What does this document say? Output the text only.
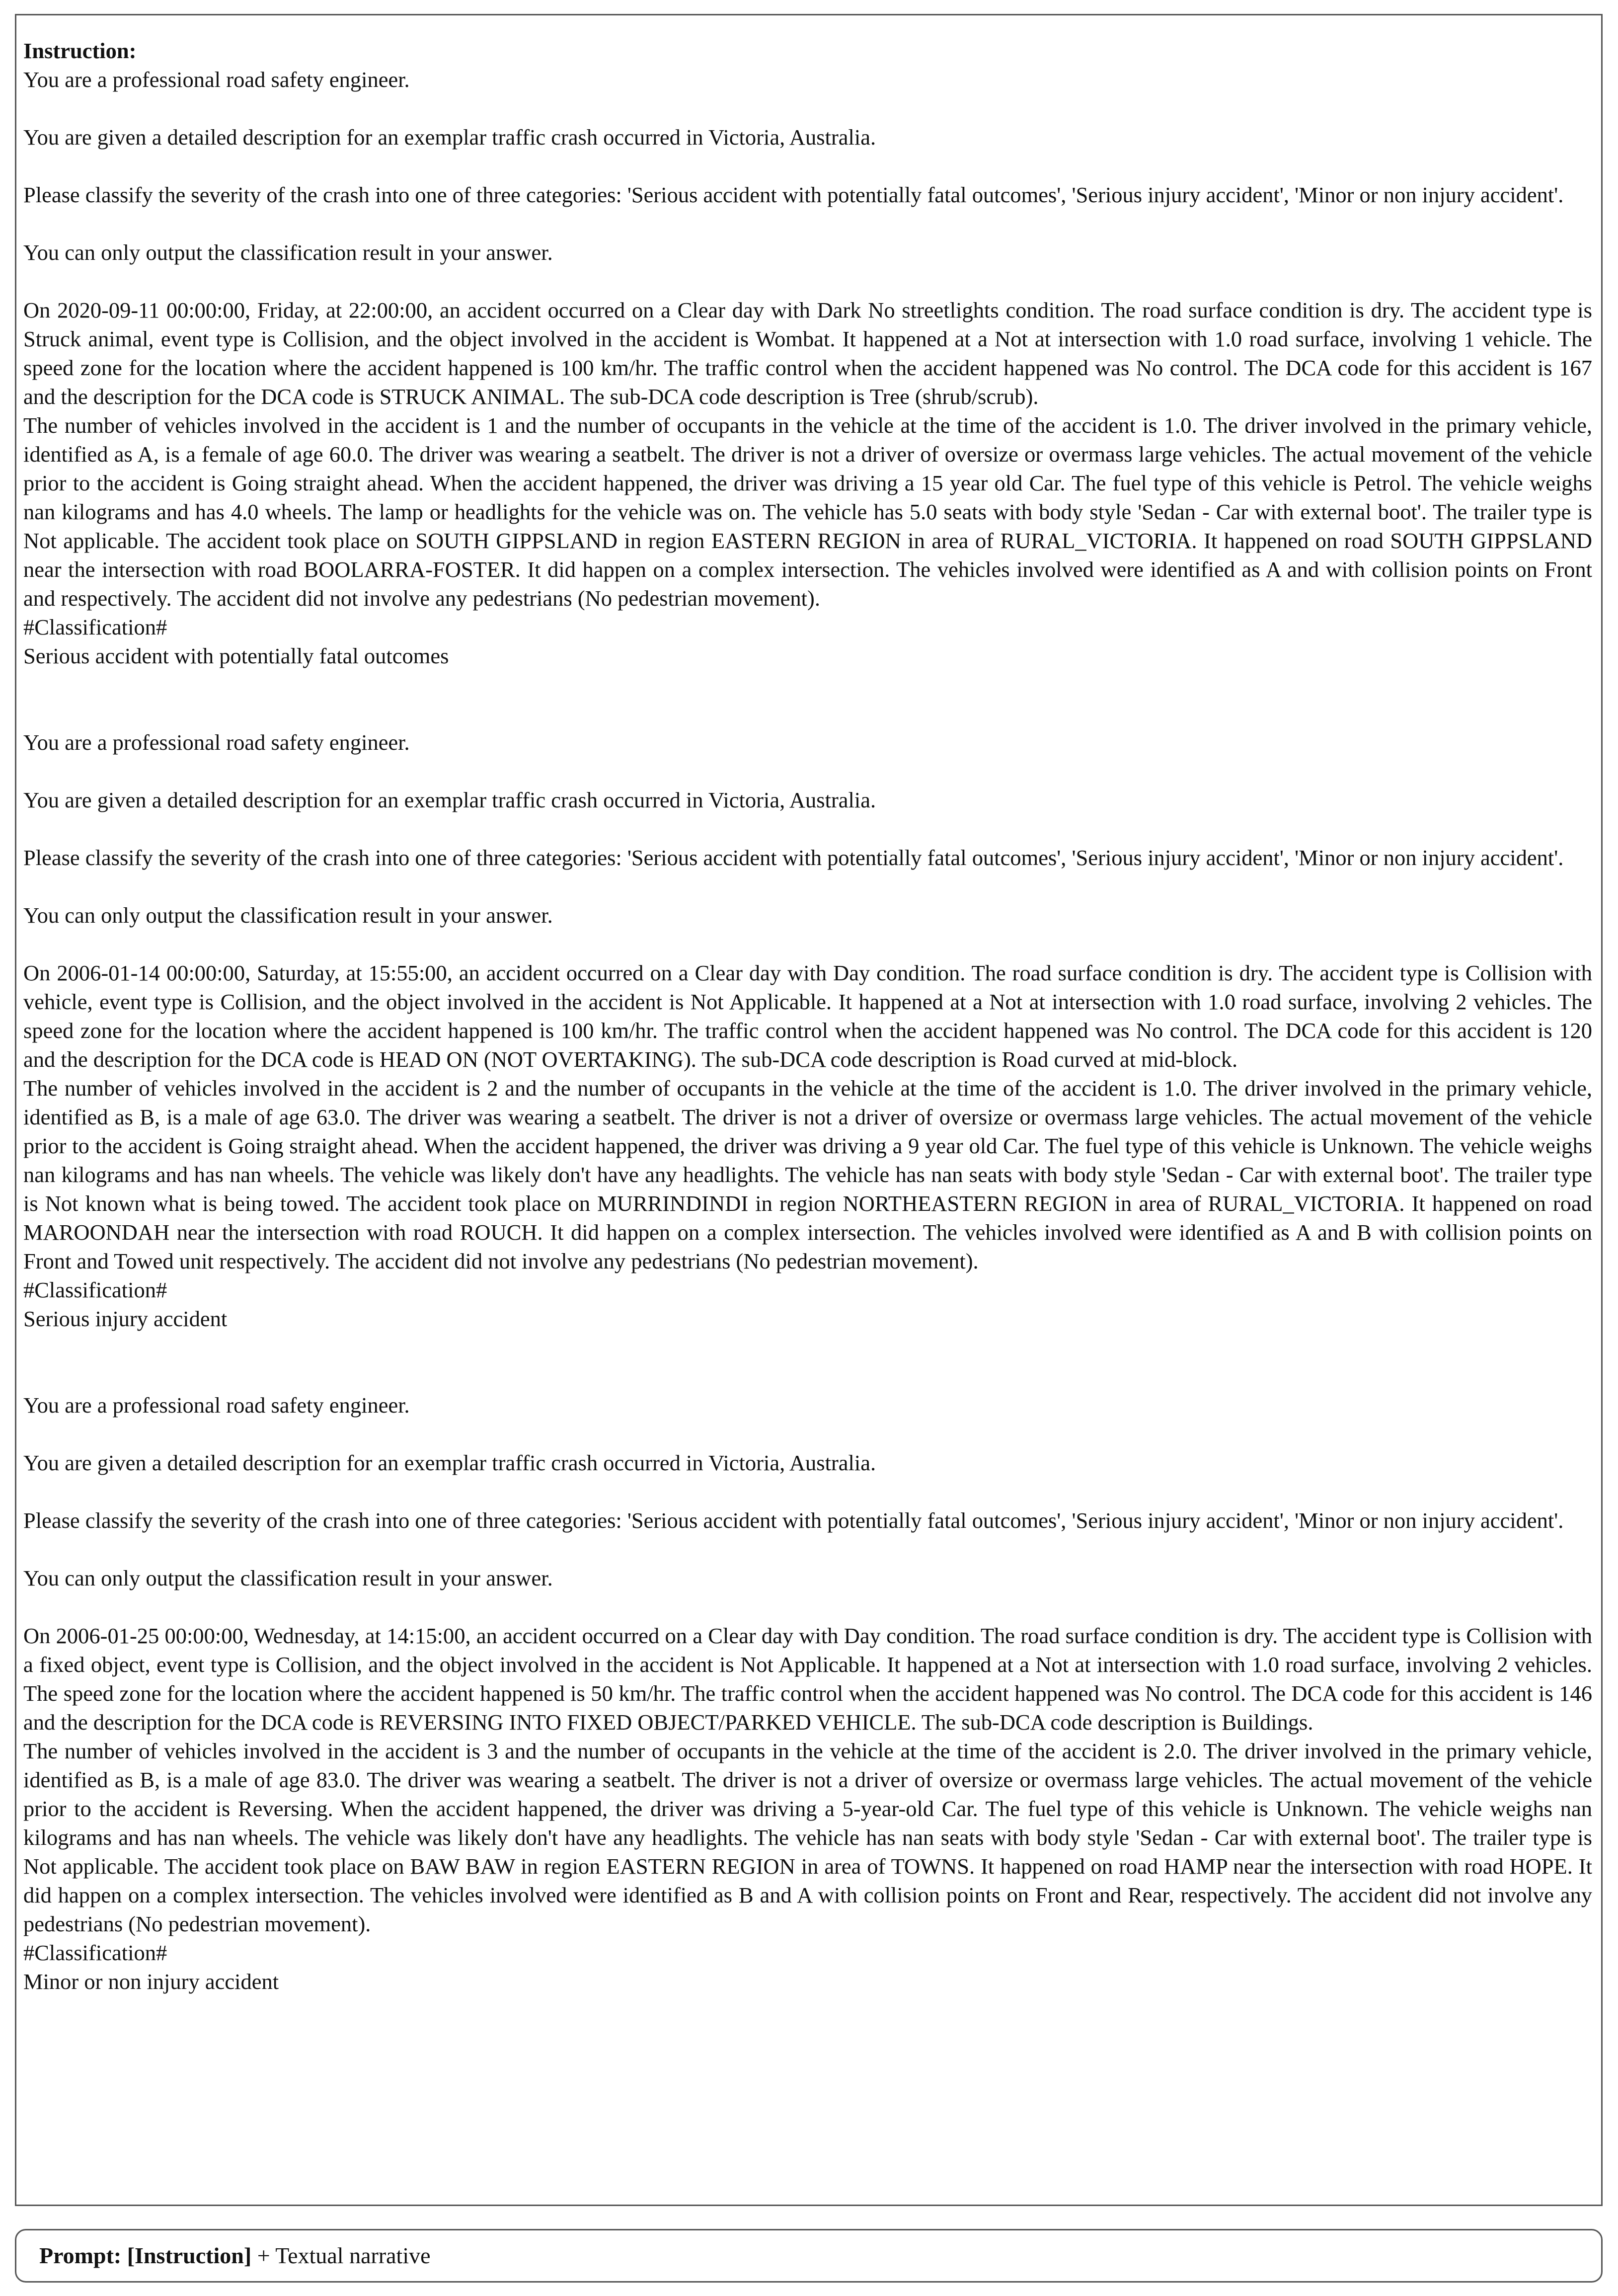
Instruction:

You are a professional road safety engineer.

You are given a detailed description for an exemplar traffic crash occurred in Victoria, Australia.

Please classify the severity of the crash into one of three categories: 'Serious accident with potentially fatal outcomes', 'Serious injury accident', 'Minor or non injury accident'.

You can only output the classification result in your answer.

On 2020-09-11 00:00:00, Friday, at 22:00:00, an accident occurred on a Clear day with Dark No streetlights condition. The road surface condition is dry. The accident type is Struck animal, event type is Collision, and the object involved in the accident is Wombat. It happened at a Not at intersection with 1.0 road surface, involving 1 vehicle. The speed zone for the location where the accident happened is 100 km/hr. The traffic control when the accident happened was No control. The DCA code for this accident is 167 and the description for the DCA code is STRUCK ANIMAL. The sub-DCA code description is Tree (shrub/scrub).

The number of vehicles involved in the accident is 1 and the number of occupants in the vehicle at the time of the accident is 1.0. The driver involved in the primary vehicle, identified as A, is a female of age 60.0. The driver was wearing a seatbelt. The driver is not a driver of oversize or overmass large vehicles. The actual movement of the vehicle prior to the accident is Going straight ahead. When the accident happened, the driver was driving a 15 year old Car. The fuel type of this vehicle is Petrol. The vehicle weighs nan kilograms and has 4.0 wheels. The lamp or headlights for the vehicle was on. The vehicle has 5.0 seats with body style 'Sedan - Car with external boot'. The trailer type is Not applicable. The accident took place on SOUTH GIPPSLAND in region EASTERN REGION in area of RURAL_VICTORIA. It happened on road SOUTH GIPPSLAND near the intersection with road BOOLARRA-FOSTER. It did happen on a complex intersection. The vehicles involved were identified as A and with collision points on Front and respectively. The accident did not involve any pedestrians (No pedestrian movement).

#Classification#

Serious accident with potentially fatal outcomes

You are a professional road safety engineer.

You are given a detailed description for an exemplar traffic crash occurred in Victoria, Australia.

Please classify the severity of the crash into one of three categories: 'Serious accident with potentially fatal outcomes', 'Serious injury accident', 'Minor or non injury accident'.

You can only output the classification result in your answer.

On 2006-01-14 00:00:00, Saturday, at 15:55:00, an accident occurred on a Clear day with Day condition. The road surface condition is dry. The accident type is Collision with vehicle, event type is Collision, and the object involved in the accident is Not Applicable. It happened at a Not at intersection with 1.0 road surface, involving 2 vehicles. The speed zone for the location where the accident happened is 100 km/hr. The traffic control when the accident happened was No control. The DCA code for this accident is 120 and the description for the DCA code is HEAD ON (NOT OVERTAKING). The sub-DCA code description is Road curved at mid-block.

The number of vehicles involved in the accident is 2 and the number of occupants in the vehicle at the time of the accident is 1.0. The driver involved in the primary vehicle, identified as B, is a male of age 63.0. The driver was wearing a seatbelt. The driver is not a driver of oversize or overmass large vehicles. The actual movement of the vehicle prior to the accident is Going straight ahead. When the accident happened, the driver was driving a 9 year old Car. The fuel type of this vehicle is Unknown. The vehicle weighs nan kilograms and has nan wheels. The vehicle was likely don't have any headlights. The vehicle has nan seats with body style 'Sedan - Car with external boot'. The trailer type is Not known what is being towed. The accident took place on MURRINDINDI in region NORTHEASTERN REGION in area of RURAL_VICTORIA. It happened on road MAROONDAH near the intersection with road ROUCH. It did happen on a complex intersection. The vehicles involved were identified as A and B with collision points on Front and Towed unit respectively. The accident did not involve any pedestrians (No pedestrian movement).

#Classification#

Serious injury accident

You are a professional road safety engineer.

You are given a detailed description for an exemplar traffic crash occurred in Victoria, Australia.

Please classify the severity of the crash into one of three categories: 'Serious accident with potentially fatal outcomes', 'Serious injury accident', 'Minor or non injury accident'.

You can only output the classification result in your answer.

On 2006-01-25 00:00:00, Wednesday, at 14:15:00, an accident occurred on a Clear day with Day condition. The road surface condition is dry. The accident type is Collision with a fixed object, event type is Collision, and the object involved in the accident is Not Applicable. It happened at a Not at intersection with 1.0 road surface, involving 2 vehicles. The speed zone for the location where the accident happened is 50 km/hr. The traffic control when the accident happened was No control. The DCA code for this accident is 146 and the description for the DCA code is REVERSING INTO FIXED OBJECT/PARKED VEHICLE. The sub-DCA code description is Buildings.

The number of vehicles involved in the accident is 3 and the number of occupants in the vehicle at the time of the accident is 2.0. The driver involved in the primary vehicle, identified as B, is a male of age 83.0. The driver was wearing a seatbelt. The driver is not a driver of oversize or overmass large vehicles. The actual movement of the vehicle prior to the accident is Reversing. When the accident happened, the driver was driving a 5-year-old Car. The fuel type of this vehicle is Unknown. The vehicle weighs nan kilograms and has nan wheels. The vehicle was likely don't have any headlights. The vehicle has nan seats with body style 'Sedan - Car with external boot'. The trailer type is Not applicable. The accident took place on BAW BAW in region EASTERN REGION in area of TOWNS. It happened on road HAMP near the intersection with road HOPE. It did happen on a complex intersection. The vehicles involved were identified as B and A with collision points on Front and Rear, respectively. The accident did not involve any pedestrians (No pedestrian movement).

#Classification#

Minor or non injury accident

Prompt: [Instruction] + Textual narrative
